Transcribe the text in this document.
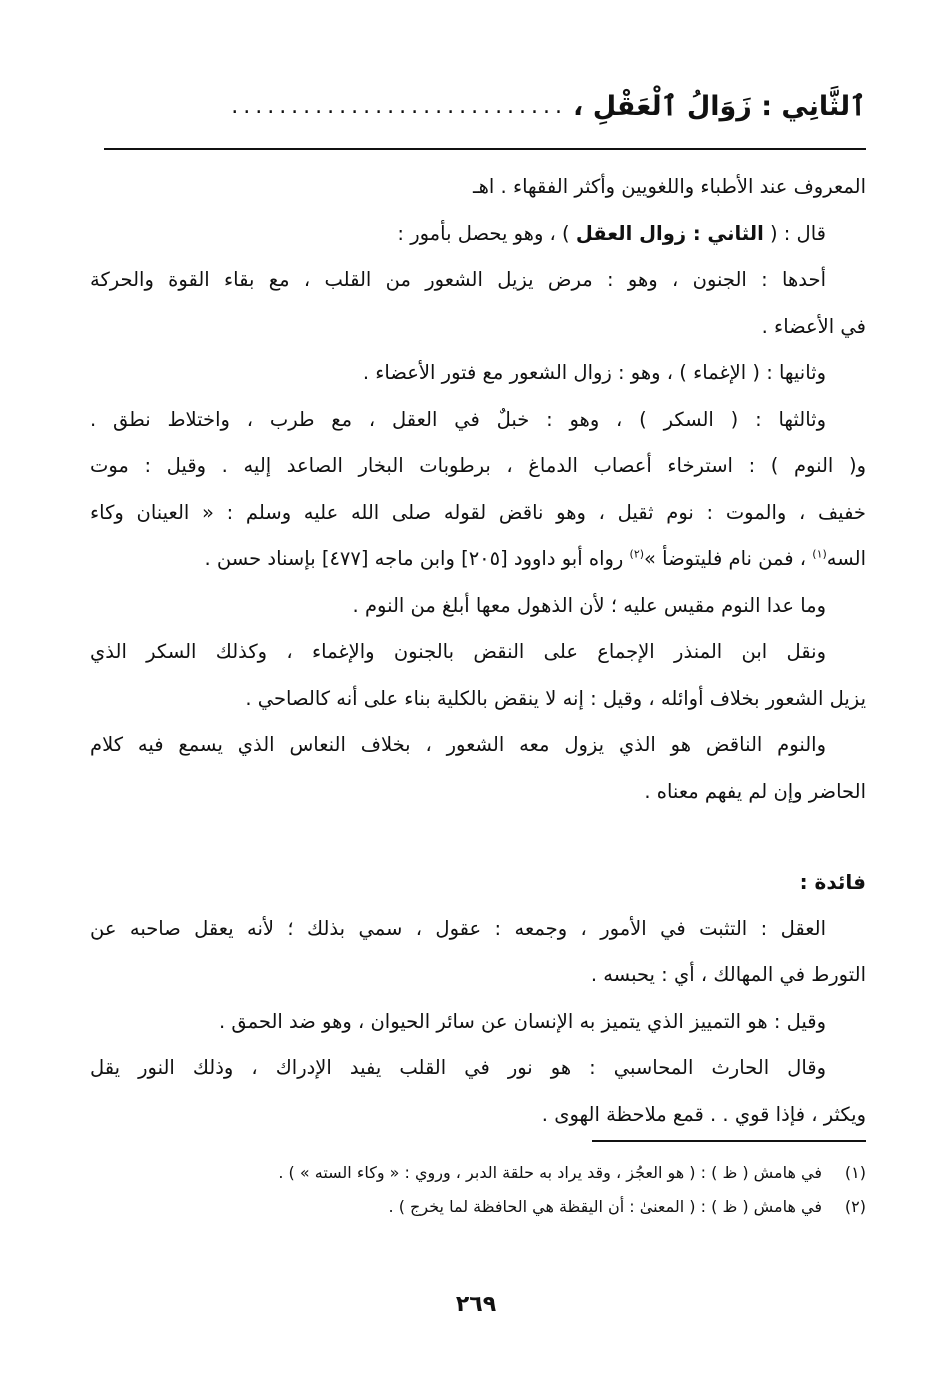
ٱلثَّانِي : زَوَالُ ٱلْعَقْلِ ،
............................
المعروف عند الأطباء واللغويين وأكثر الفقهاء . اهـ
قال : ( الثاني : زوال العقل ) ، وهو يحصل بأمور :
أحدها : الجنون ، وهو : مرض يزيل الشعور من القلب ، مع بقاء القوة والحركة
في الأعضاء .
وثانيها : ( الإغماء ) ، وهو : زوال الشعور مع فتور الأعضاء .
وثالثها : ( السكر ) ، وهو : خبلٌ في العقل ، مع طرب ، واختلاط نطق .
و( النوم ) : استرخاء أعصاب الدماغ ، برطوبات البخار الصاعد إليه . وقيل : موت
خفيف ، والموت : نوم ثقيل ، وهو ناقض لقوله صلى الله عليه وسلم : « العينان وكاء
السه$^{(١)}$ ، فمن نام فليتوضأ »$^{(٢)}$ رواه أبو داوود [٢٠٥] وابن ماجه [٤٧٧] بإسناد حسن .
وما عدا النوم مقيس عليه ؛ لأن الذهول معها أبلغ من النوم .
ونقل ابن المنذر الإجماع على النقض بالجنون والإغماء ، وكذلك السكر الذي
يزيل الشعور بخلاف أوائله ، وقيل : إنه لا ينقض بالكلية بناء على أنه كالصاحي .
والنوم الناقض هو الذي يزول معه الشعور ، بخلاف النعاس الذي يسمع فيه كلام
الحاضر وإن لم يفهم معناه .
فائدة :
العقل : التثبت في الأمور ، وجمعه : عقول ، سمي بذلك ؛ لأنه يعقل صاحبه عن
التورط في المهالك ، أي : يحبسه .
وقيل : هو التمييز الذي يتميز به الإنسان عن سائر الحيوان ، وهو ضد الحمق .
وقال الحارث المحاسبي : هو نور في القلب يفيد الإدراك ، وذلك النور يقل
ويكثر ، فإذا قوي . . قمع ملاحظة الهوى .
(١)
في هامش ( ظ ) : ( هو العجُز ، وقد يراد به حلقة الدبر ، وروي : « وكاء السته » ) .
(٢)
في هامش ( ظ ) : ( المعنىٰ : أن اليقظة هي الحافظة لما يخرج ) .
٢٦٩
